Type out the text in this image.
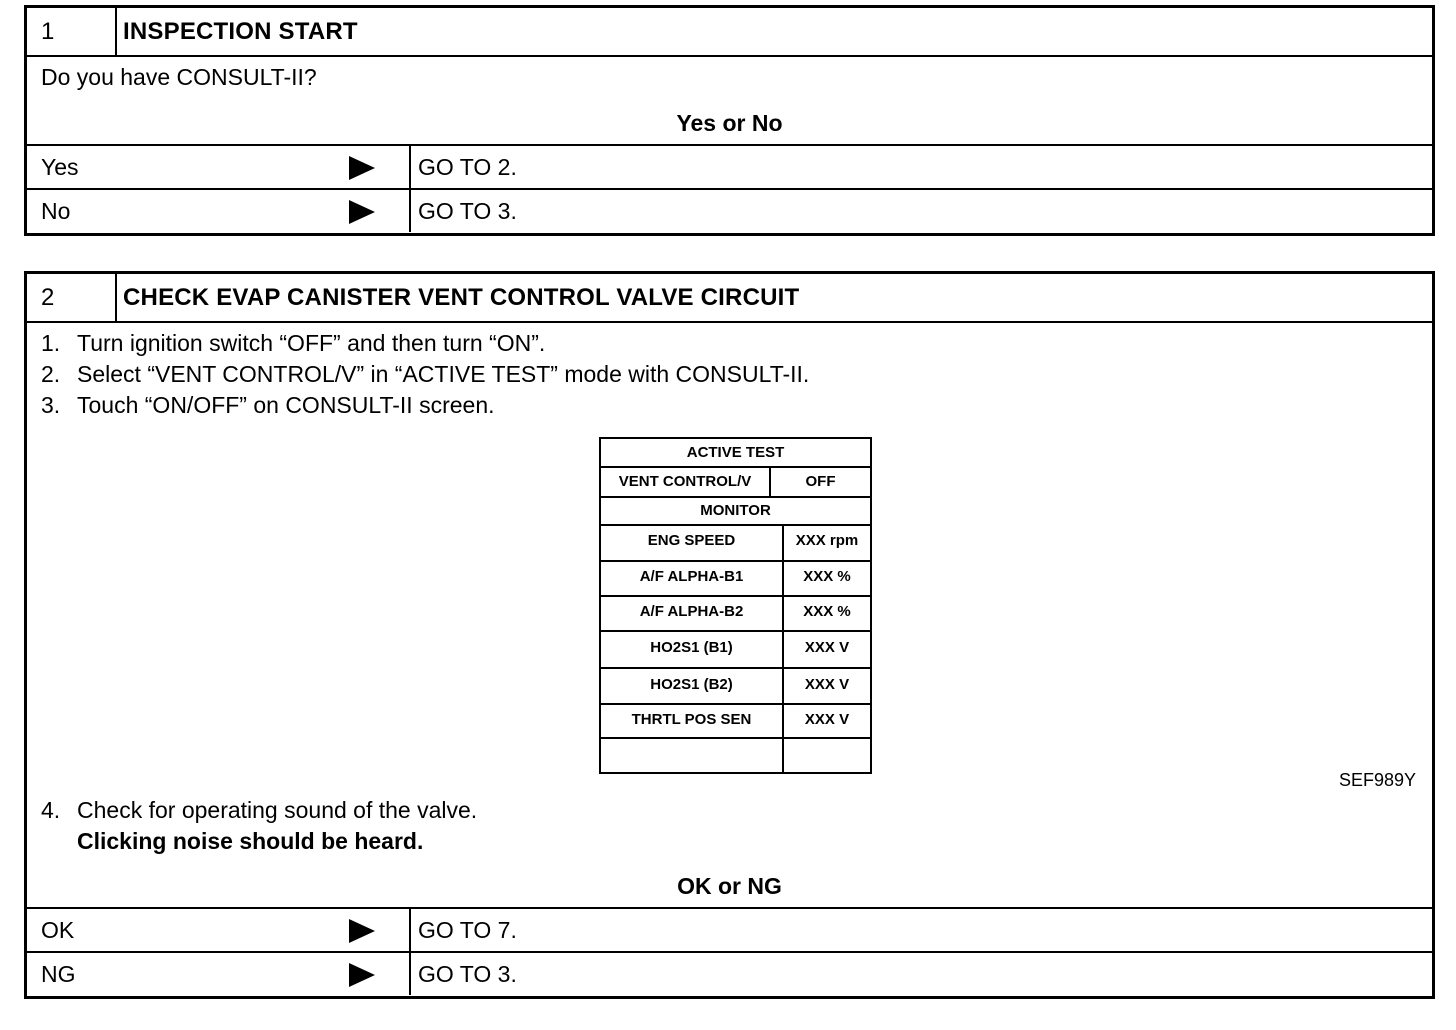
1	INSPECTION START
Do you have CONSULT-II?
Yes or No
Yes	GO TO 2.
No	GO TO 3.
2	CHECK EVAP CANISTER VENT CONTROL VALVE CIRCUIT
1. Turn ignition switch “OFF” and then turn “ON”.
2. Select “VENT CONTROL/V” in “ACTIVE TEST” mode with CONSULT-II.
3. Touch “ON/OFF” on CONSULT-II screen.
ACTIVE TEST
VENT CONTROL/V	OFF
MONITOR
ENG SPEED	XXX rpm
A/F ALPHA-B1	XXX %
A/F ALPHA-B2	XXX %
HO2S1 (B1)	XXX V
HO2S1 (B2)	XXX V
THRTL POS SEN	XXX V
SEF989Y
4. Check for operating sound of the valve.
Clicking noise should be heard.
OK or NG
OK	GO TO 7.
NG	GO TO 3.
